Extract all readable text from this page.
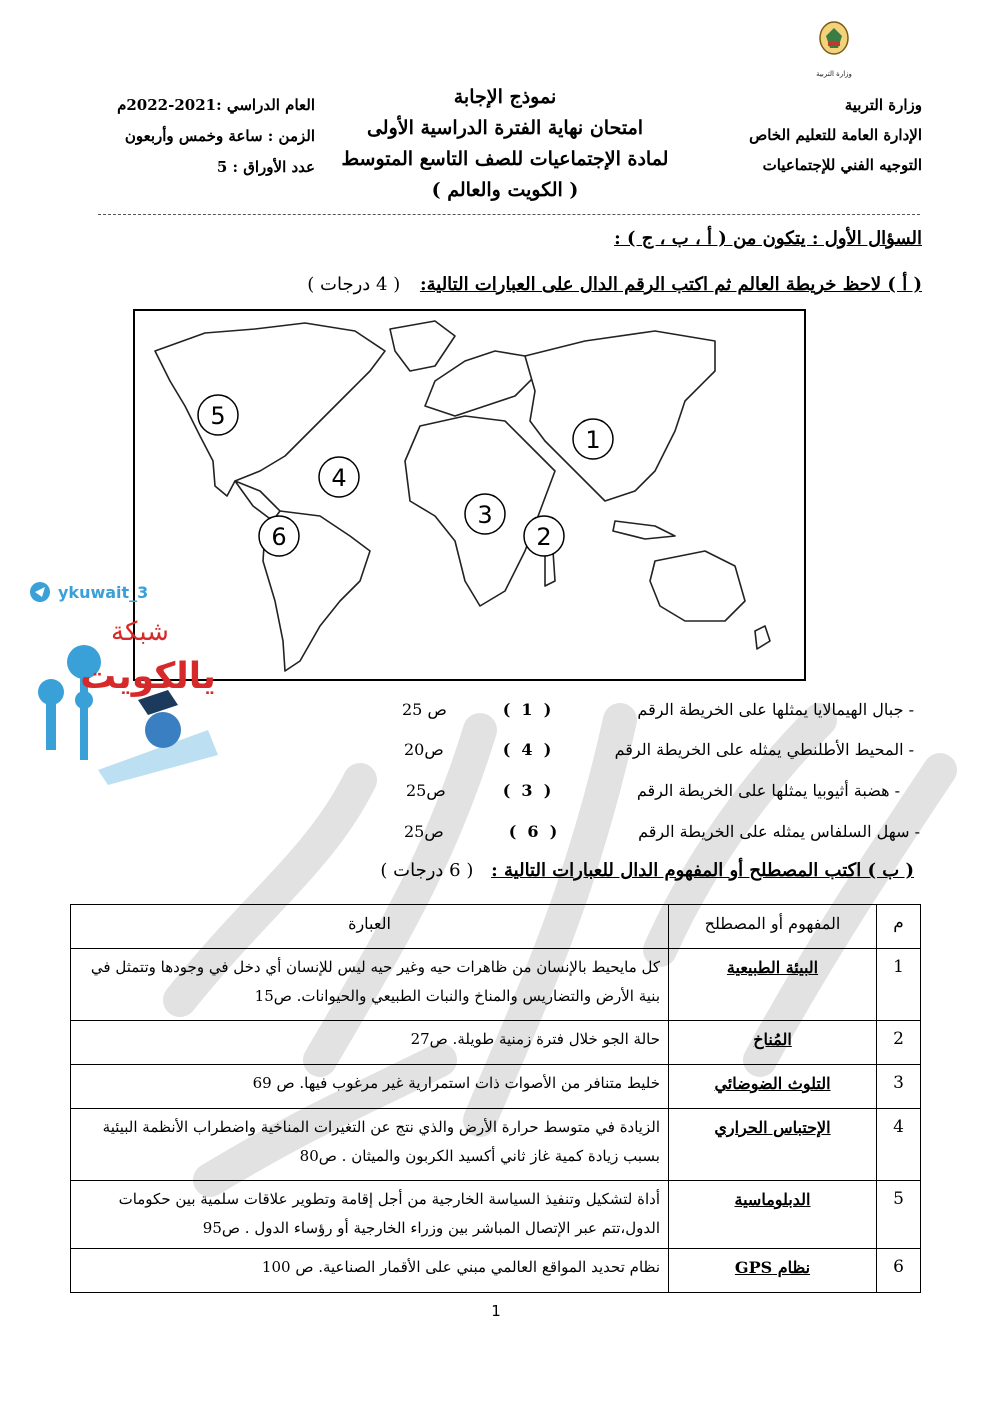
وزارة التربية
وزارة التربية
الإدارة العامة للتعليم الخاص
التوجيه الفني للإجتماعيات
نموذج الإجابة
امتحان نهاية الفترة الدراسية الأولى
لمادة الإجتماعيات للصف التاسع المتوسط
( الكويت والعالم )
العام الدراسي :2021-2022م
الزمن : ساعة وخمس وأربعون
عدد الأوراق : 5
السؤال الأول : يتكون من ( أ ، ب ، ج ) :
( أ ) لاحظ خريطة العالم ثم اكتب الرقم الدال على العبارات التالية: ( 4 درجات )
1
2
3
4
5
6
ykuwait_3
شبكة
يالكويت
- جبال الهيمالايا يمثلها على الخريطة الرقم
(  1  )
ص 25
- المحيط الأطلنطي يمثله على الخريطة الرقم
(  4  )
ص20
- هضبة أثيوبيا يمثلها على الخريطة الرقم
(  3  )
ص25
- سهل السلفاس يمثله على الخريطة الرقم
(  6  )
ص25
( ب ) اكتب المصطلح أو المفهوم الدال للعبارات التالية : ( 6 درجات )
م	المفهوم أو المصطلح	العبارة
1	البيئة الطبيعية	كل ماي‍حيط بالإنسان من ظاهرات حيه وغير حيه ليس للإنسان أي دخل في وجودها وتتمثل في بنية الأرض والتضاريس والمناخ والنبات الطبيعي والحيوانات. ص15
2	المُناخ	حالة الجو خلال فترة زمنية طويلة. ص27
3	التلوث الضوضائي	خليط متنافر من الأصوات ذات استمرارية غير مرغوب فيها. ص 69
4	الإحتباس الحراري	الزيادة في متوسط حرارة الأرض والذي نتج عن التغيرات المناخية واضطراب الأنظمة البيئية بسبب زيادة كمية غاز ثاني أكسيد الكربون والميثان . ص80
5	الدبلوماسية	أداة لتشكيل وتنفيذ السياسة الخارجية من أجل إقامة وتطوير علاقات سلمية بين حكومات الدول،تتم عبر الإتصال المباشر بين وزراء الخارجية أو رؤساء الدول . ص95
6	نظام GPS	نظام تحديد المواقع العالمي مبني على الأقمار الصناعية. ص 100
1
